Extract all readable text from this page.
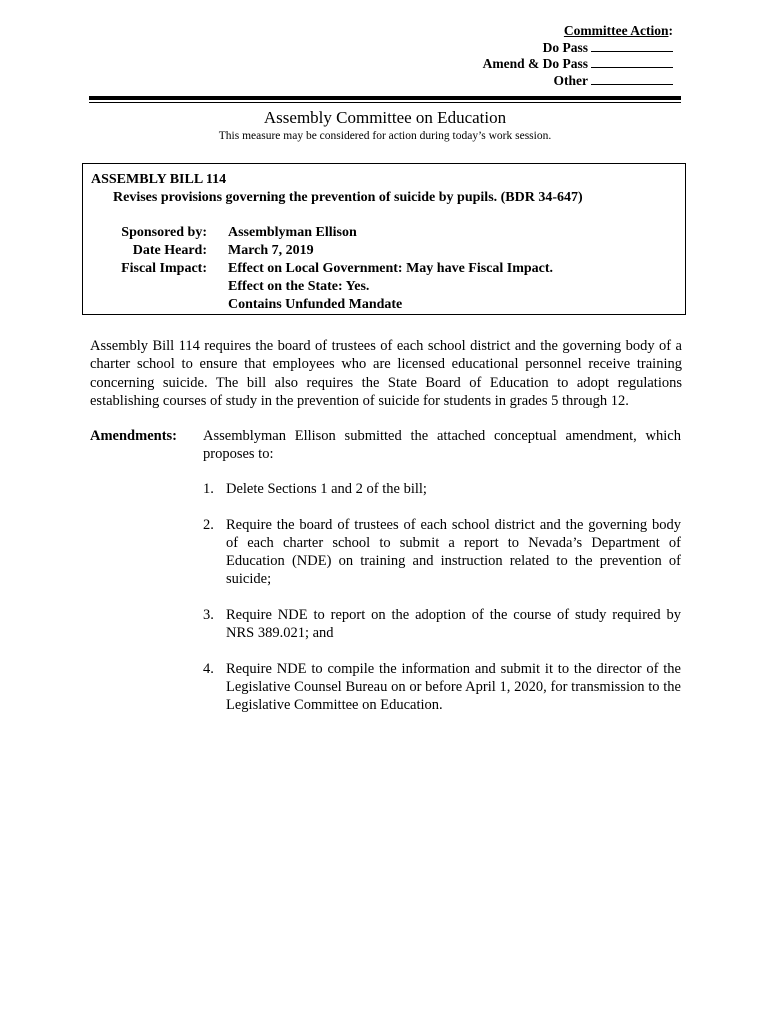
Committee Action:
Do Pass
Amend & Do Pass
Other
Assembly Committee on Education
This measure may be considered for action during today’s work session.
ASSEMBLY BILL 114
Revises provisions governing the prevention of suicide by pupils. (BDR 34-647)
Sponsored by:	Assemblyman Ellison
Date Heard:	March 7, 2019
Fiscal Impact:	Effect on Local Government: May have Fiscal Impact.
Effect on the State: Yes.
Contains Unfunded Mandate
Assembly Bill 114 requires the board of trustees of each school district and the governing body of a charter school to ensure that employees who are licensed educational personnel receive training concerning suicide. The bill also requires the State Board of Education to adopt regulations establishing courses of study in the prevention of suicide for students in grades 5 through 12.
Amendments: Assemblyman Ellison submitted the attached conceptual amendment, which proposes to:
1. Delete Sections 1 and 2 of the bill;
2. Require the board of trustees of each school district and the governing body of each charter school to submit a report to Nevada’s Department of Education (NDE) on training and instruction related to the prevention of suicide;
3. Require NDE to report on the adoption of the course of study required by NRS 389.021; and
4. Require NDE to compile the information and submit it to the director of the Legislative Counsel Bureau on or before April 1, 2020, for transmission to the Legislative Committee on Education.
